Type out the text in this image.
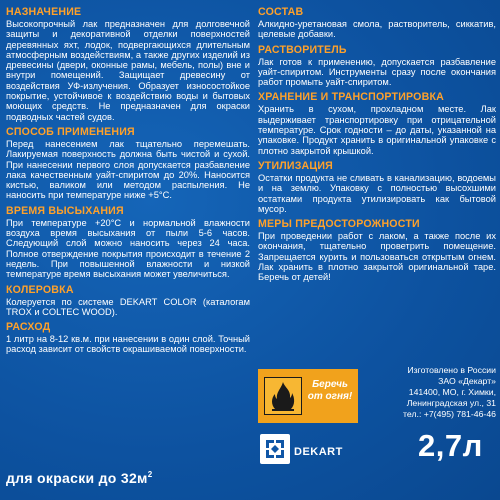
НАЗНАЧЕНИЕ
Высокопрочный лак предназначен для долговечной защиты и декоративной отделки поверхностей деревянных яхт, лодок, подвергающихся длительным атмосферным воздействиям, а также других изделий из древесины (двери, оконные рамы, мебель, полы) вне и внутри помещений. Защищает древесину от воздействия УФ-излучения. Образует износостойкое покрытие, устойчивое к воздействию воды и бытовых моющих средств. Не предназначен для окраски подводных частей судов.
СПОСОБ ПРИМЕНЕНИЯ
Перед нанесением лак тщательно перемешать. Лакируемая поверхность должна быть чистой и сухой. При нанесении первого слоя допускается разбавление лака качественным уайт-спиритом до 20%. Наносится кистью, валиком или методом распыления. Не наносить при температуре ниже +5°С.
ВРЕМЯ ВЫСЫХАНИЯ
При температуре +20°С и нормальной влажности воздуха время высыхания от пыли 5-6 часов. Следующий слой можно наносить через 24 часа. Полное отверждение покрытия происходит в течение 2 недель. При повышенной влажности и низкой температуре время высыхания может увеличиться.
КОЛЕРОВКА
Колеруется по системе DEKART COLOR (каталогам TROX и COLTEC WOOD).
РАСХОД
1 литр на 8-12 кв.м. при нанесении в один слой. Точный расход зависит от свойств окрашиваемой поверхности.
для окраски до $32м^2$
СОСТАВ
Алкидно-уретановая смола, растворитель, сиккатив, целевые добавки.
РАСТВОРИТЕЛЬ
Лак готов к применению, допускается разбавление уайт-спиритом. Инструменты сразу после окончания работ промыть уайт-спиритом.
ХРАНЕНИЕ И ТРАНСПОРТИРОВКА
Хранить в сухом, прохладном месте. Лак выдерживает транспортировку при отрицательной температуре. Срок годности – до даты, указанной на упаковке. Продукт хранить в оригинальной упаковке с плотно закрытой крышкой.
УТИЛИЗАЦИЯ
Остатки продукта не сливать в канализацию, водоемы и на землю. Упаковку с полностью высохшими остатками продукта утилизировать как бытовой мусор.
МЕРЫ ПРЕДОСТОРОЖНОСТИ
При проведении работ с лаком, а также после их окончания, тщательно проветрить помещение. Запрещается курить и пользоваться открытым огнем. Лак хранить в плотно закрытой оригинальной таре. Беречь от детей!
Беречь от огня!
Изготовлено в России
ЗАО «Декарт»
141400, МО, г. Химки,
Ленинградская ул., 31
тел.: +7(495) 781-46-46
DEKART 2,7л
